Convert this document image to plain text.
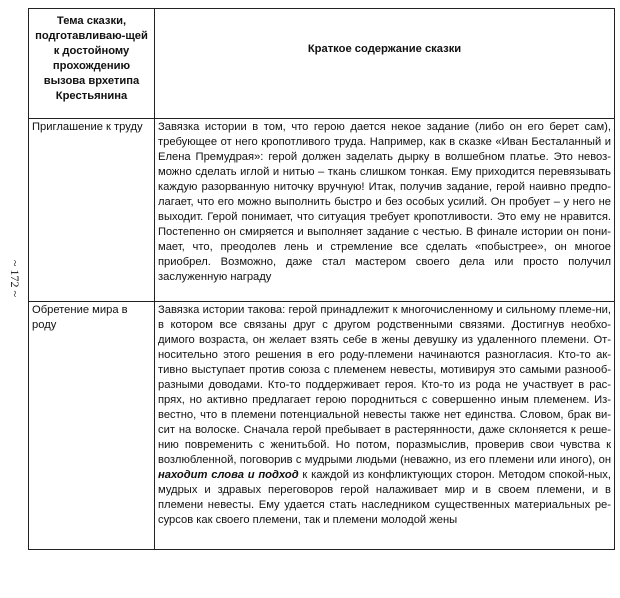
~ 172 ~
Тема сказки, подготавливаю-щей к достойному прохождению вызова врхетипа Крестьянина	Краткое содержание сказки
Приглашение к труду	Завязка истории в том, что герою дается некое задание (либо он его берет сам), требующее от него кропотливого труда. Например, как в сказке «Иван Бесталанный и Елена Премудрая»: герой должен заделать дырку в волшебном платье. Это невоз-можно сделать иглой и нитью – ткань слишком тонкая. Ему приходится перевязывать каждую разорванную ниточку вручную! Итак, получив задание, герой наивно предпо-лагает, что его можно выполнить быстро и без особых усилий. Он пробует – у него не выходит. Герой понимает, что ситуация требует кропотливости. Это ему не нравится. Постепенно он смиряется и выполняет задание с честью. В финале истории он пони-мает, что, преодолев лень и стремление все сделать «побыстрее», он многое приобрел. Возможно, даже стал мастером своего дела или просто получил заслуженную награду
Обретение мира в роду	Завязка истории такова: герой принадлежит к многочисленному и сильному племе-ни, в котором все связаны друг с другом родственными связями. Достигнув необхо-димого возраста, он желает взять себе в жены девушку из удаленного племени. От-носительно этого решения в его роду-племени начинаются разногласия. Кто-то ак-тивно выступает против союза с племенем невесты, мотивируя это самыми разнооб-разными доводами. Кто-то поддерживает героя. Кто-то из рода не участвует в рас-прях, но активно предлагает герою породниться с совершенно иным племенем. Из-вестно, что в племени потенциальной невесты также нет единства. Словом, брак ви-сит на волоске. Сначала герой пребывает в растерянности, даже склоняется к реше-нию повременить с женитьбой. Но потом, поразмыслив, проверив свои чувства к возлюбленной, поговорив с мудрыми людьми (неважно, из его племени или иного), он находит слова и подход к каждой из конфликтующих сторон. Методом спокой-ных, мудрых и здравых переговоров герой налаживает мир и в своем племени, и в племени невесты. Ему удается стать наследником существенных материальных ре-сурсов как своего племени, так и племени молодой жены
